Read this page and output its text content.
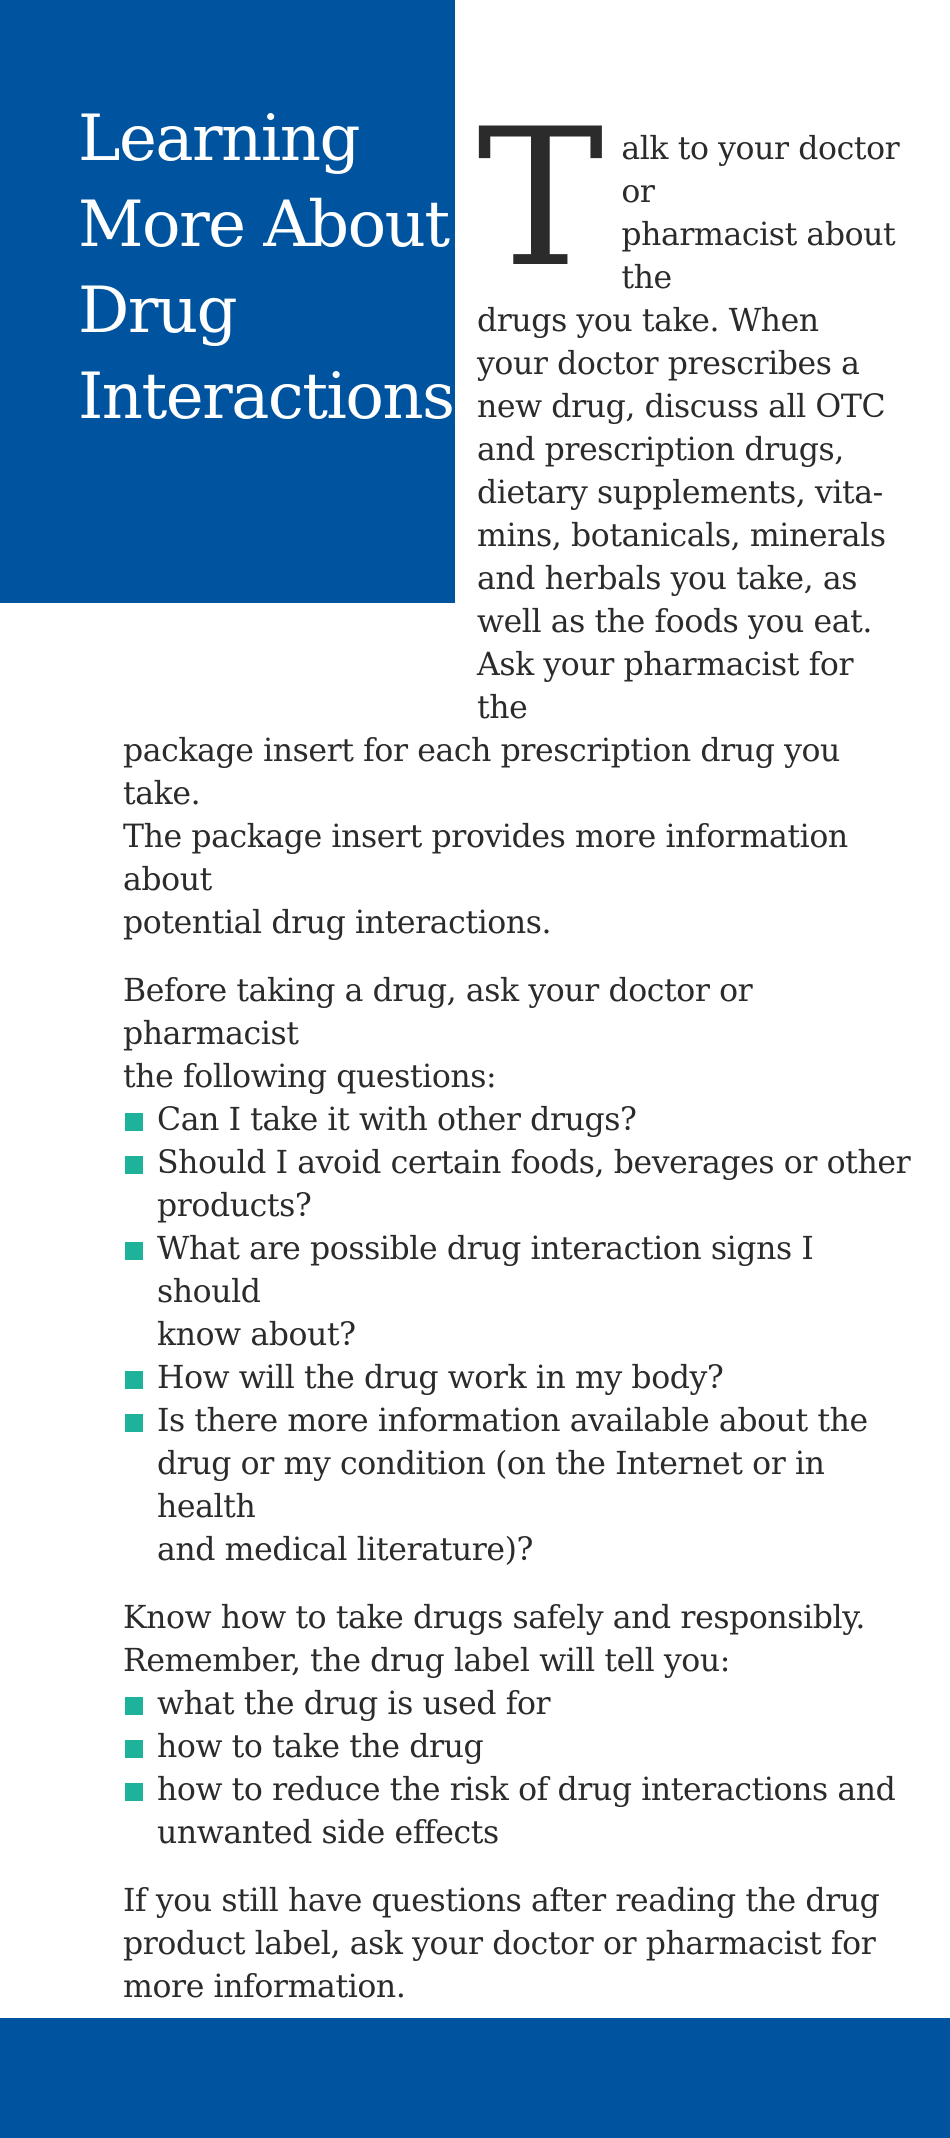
Learning
More About
Drug
Interactions
T alk to your doctor or
pharmacist about the
drugs you take. When
your doctor prescribes a
new drug, discuss all OTC
and prescription drugs,
dietary supplements, vita-
mins, botanicals, minerals
and herbals you take, as
well as the foods you eat.
Ask your pharmacist for the
package insert for each prescription drug you take.
The package insert provides more information about
potential drug interactions.
Before taking a drug, ask your doctor or pharmacist
the following questions:
Can I take it with other drugs?
Should I avoid certain foods, beverages or other
products?
What are possible drug interaction signs I should
know about?
How will the drug work in my body?
Is there more information available about the
drug or my condition (on the Internet or in health
and medical literature)?
Know how to take drugs safely and responsibly.
Remember, the drug label will tell you:
what the drug is used for
how to take the drug
how to reduce the risk of drug interactions and
unwanted side effects
If you still have questions after reading the drug
product label, ask your doctor or pharmacist for
more information.
